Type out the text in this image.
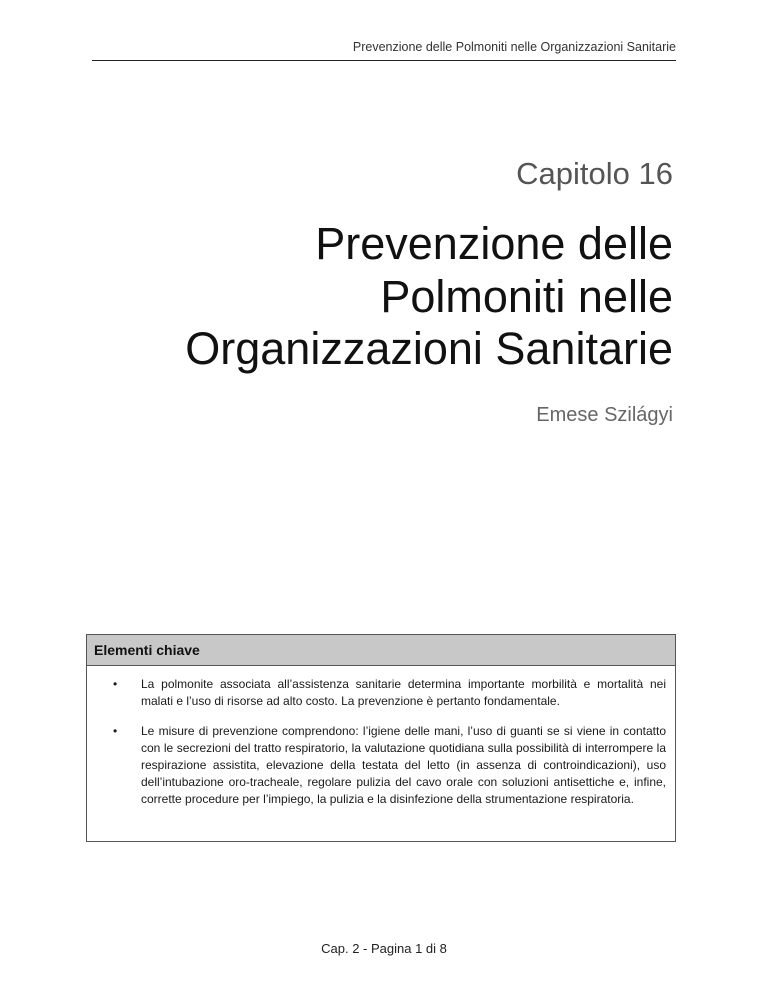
Prevenzione delle Polmoniti nelle Organizzazioni Sanitarie
Capitolo 16
Prevenzione delle
Polmoniti nelle
Organizzazioni Sanitarie
Emese Szilágyi
Elementi chiave
• La polmonite associata all’assistenza sanitarie determina importante morbilità e mortalità nei malati e l’uso di risorse ad alto costo. La prevenzione è pertanto fondamentale.
• Le misure di prevenzione comprendono: l’igiene delle mani, l’uso di guanti se si viene in contatto con le secrezioni del tratto respiratorio, la valutazione quotidiana sulla possibilità di interrompere la respirazione assistita, elevazione della testata del letto (in assenza di controindicazioni), uso dell’intubazione oro-tracheale, regolare pulizia del cavo orale con soluzioni antisettiche e, infine, corrette procedure per l’impiego, la pulizia e la disinfezione della strumentazione respiratoria.
Cap. 2 - Pagina 1 di 8
